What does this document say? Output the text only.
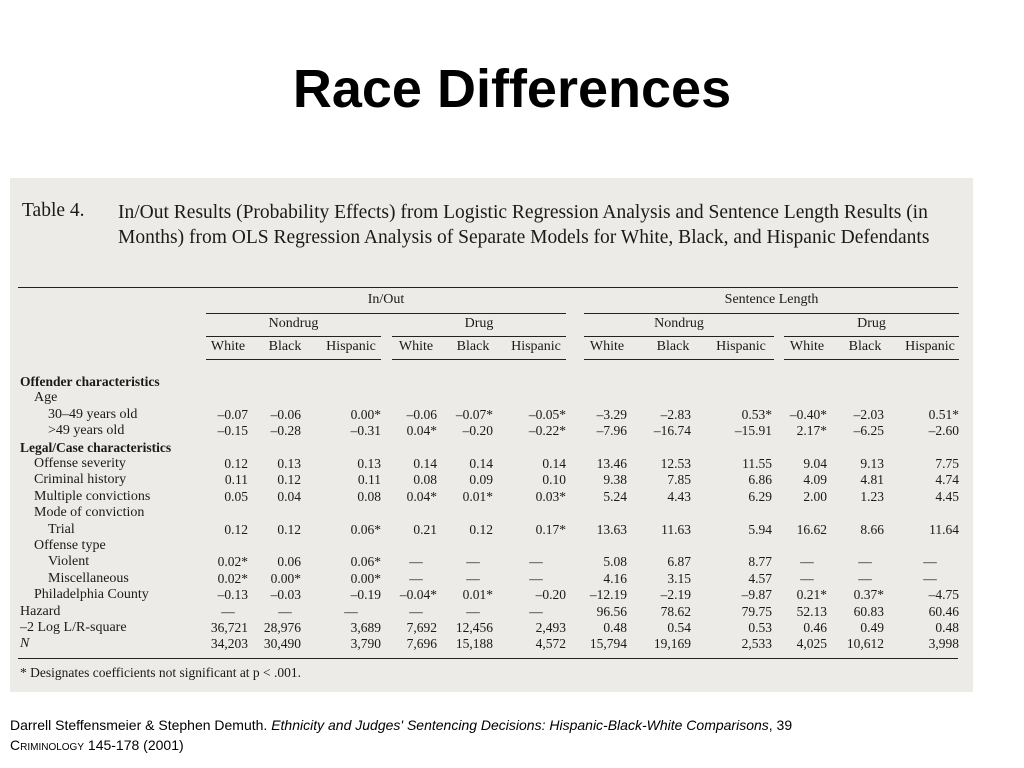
Race Differences
Table 4. In/Out Results (Probability Effects) from Logistic Regression Analysis and Sentence Length Results (in Months) from OLS Regression Analysis of Separate Models for White, Black, and Hispanic Defendants
In/Out	Sentence Length
Nondrug	Drug	Nondrug	Drug
White	Black	Hispanic	White	Black	Hispanic	White	Black	Hispanic	White	Black	Hispanic
Offender characteristics
Age
30–49 years old	–0.07	–0.06	0.00*	–0.06	–0.07*	–0.05*	–3.29	–2.83	0.53*	–0.40*	–2.03	0.51*
>49 years old	–0.15	–0.28	–0.31	0.04*	–0.20	–0.22*	–7.96	–16.74	–15.91	2.17*	–6.25	–2.60
Legal/Case characteristics
Offense severity	0.12	0.13	0.13	0.14	0.14	0.14	13.46	12.53	11.55	9.04	9.13	7.75
Criminal history	0.11	0.12	0.11	0.08	0.09	0.10	9.38	7.85	6.86	4.09	4.81	4.74
Multiple convictions	0.05	0.04	0.08	0.04*	0.01*	0.03*	5.24	4.43	6.29	2.00	1.23	4.45
Mode of conviction
Trial	0.12	0.12	0.06*	0.21	0.12	0.17*	13.63	11.63	5.94	16.62	8.66	11.64
Offense type
Violent	0.02*	0.06	0.06*	—	—	—	5.08	6.87	8.77	—	—	—
Miscellaneous	0.02*	0.00*	0.00*	—	—	—	4.16	3.15	4.57	—	—	—
Philadelphia County	–0.13	–0.03	–0.19	–0.04*	0.01*	–0.20	–12.19	–2.19	–9.87	0.21*	0.37*	–4.75
Hazard	—	—	—	—	—	—	96.56	78.62	79.75	52.13	60.83	60.46
–2 Log L/R-square	36,721	28,976	3,689	7,692	12,456	2,493	0.48	0.54	0.53	0.46	0.49	0.48
N	34,203	30,490	3,790	7,696	15,188	4,572	15,794	19,169	2,533	4,025	10,612	3,998
* Designates coefficients not significant at p < .001.
Darrell Steffensmeier & Stephen Demuth. Ethnicity and Judges' Sentencing Decisions: Hispanic-Black-White Comparisons, 39
Criminology 145-178 (2001)
